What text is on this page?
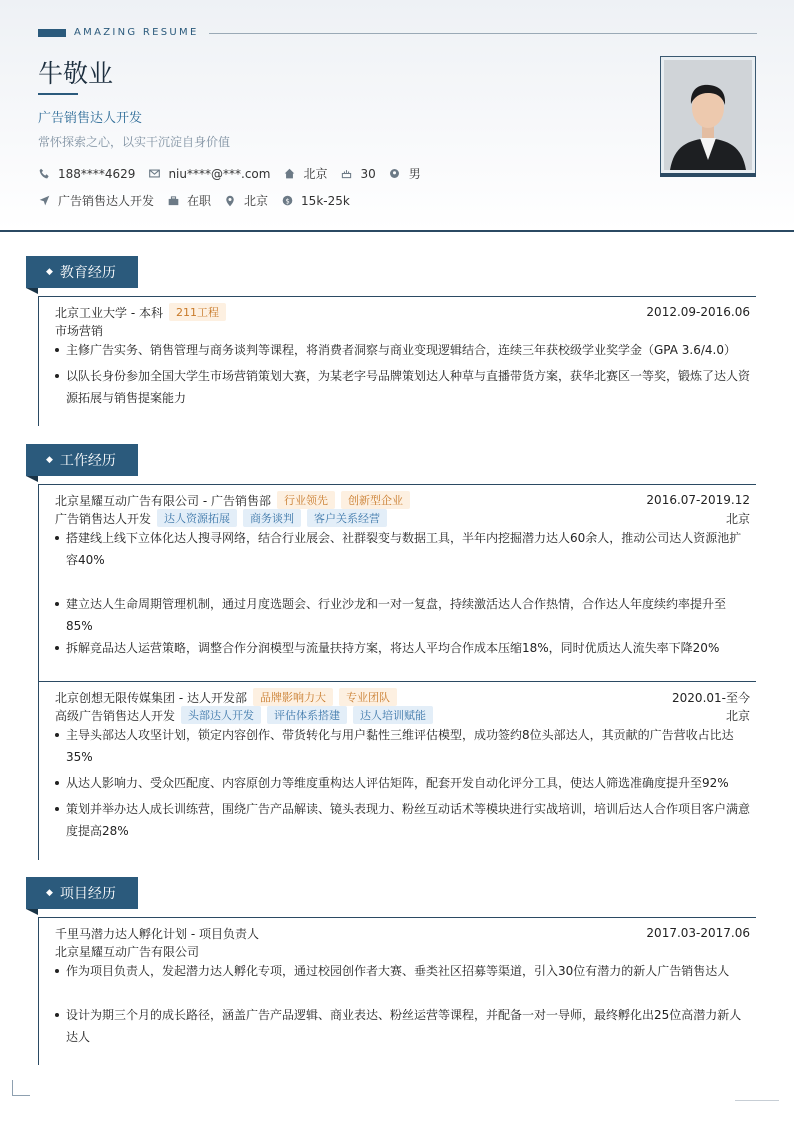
AMAZING RESUME
牛敬业
广告销售达人开发
常怀探索之心，以实干沉淀自身价值
188****4629	niu****@***.com	北京	30	男
广告销售达人开发	在职	北京 $ 15k-25k
◆ 教育经历
北京工业大学 - 本科	211工程	2012.09-2016.06
市场营销
主修广告实务、销售管理与商务谈判等课程，将消费者洞察与商业变现逻辑结合，连续三年获校级学业奖学金（GPA 3.6/4.0）
以队长身份参加全国大学生市场营销策划大赛，为某老字号品牌策划达人种草与直播带货方案，获华北赛区一等奖，锻炼了达人资源拓展与销售提案能力
◆ 工作经历
北京星耀互动广告有限公司 - 广告销售部	行业领先	创新型企业	2016.07-2019.12
广告销售达人开发	达人资源拓展	商务谈判	客户关系经营	北京
搭建线上线下立体化达人搜寻网络，结合行业展会、社群裂变与数据工具，半年内挖掘潜力达人60余人，推动公司达人资源池扩容40%
建立达人生命周期管理机制，通过月度选题会、行业沙龙和一对一复盘，持续激活达人合作热情，合作达人年度续约率提升至85%
拆解竞品达人运营策略，调整合作分润模型与流量扶持方案，将达人平均合作成本压缩18%，同时优质达人流失率下降20%
北京创想无限传媒集团 - 达人开发部	品牌影响力大	专业团队	2020.01-至今
高级广告销售达人开发	头部达人开发	评估体系搭建	达人培训赋能	北京
主导头部达人攻坚计划，锁定内容创作、带货转化与用户黏性三维评估模型，成功签约8位头部达人，其贡献的广告营收占比达35%
从达人影响力、受众匹配度、内容原创力等维度重构达人评估矩阵，配套开发自动化评分工具，使达人筛选准确度提升至92%
策划并举办达人成长训练营，围绕广告产品解读、镜头表现力、粉丝互动话术等模块进行实战培训，培训后达人合作项目客户满意度提高28%
◆ 项目经历
千里马潜力达人孵化计划 - 项目负责人	2017.03-2017.06
北京星耀互动广告有限公司
作为项目负责人，发起潜力达人孵化专项，通过校园创作者大赛、垂类社区招募等渠道，引入30位有潜力的新人广告销售达人
设计为期三个月的成长路径，涵盖广告产品逻辑、商业表达、粉丝运营等课程，并配备一对一导师，最终孵化出25位高潜力新人达人
